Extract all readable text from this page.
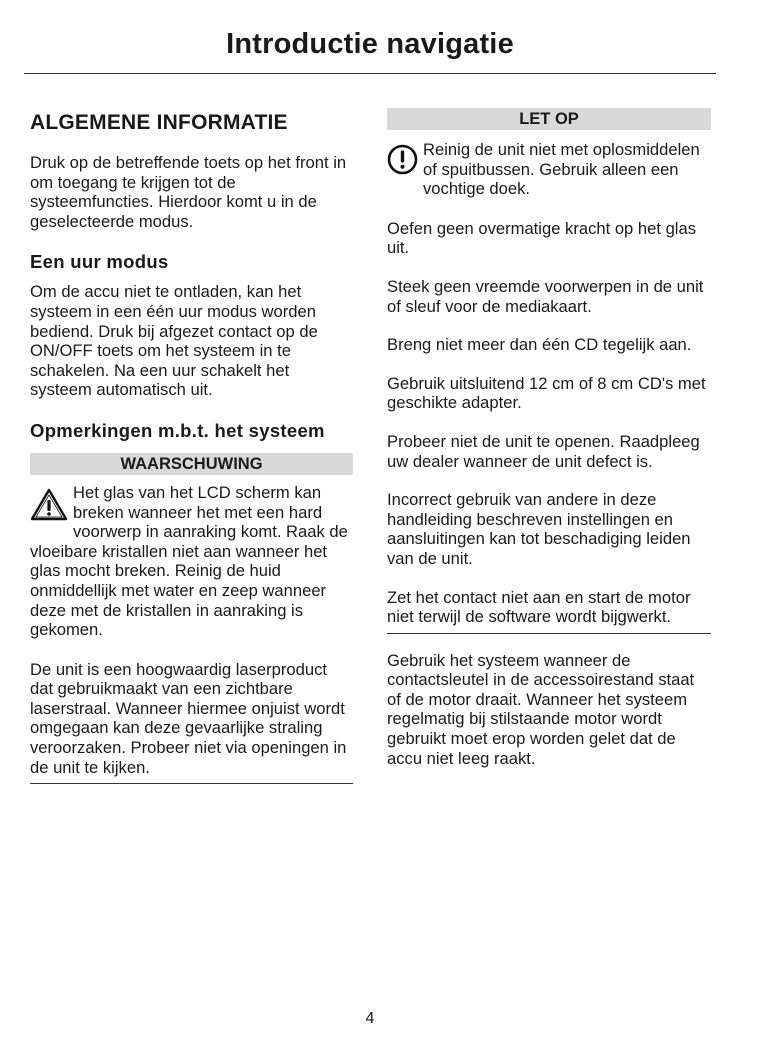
Introductie navigatie
ALGEMENE INFORMATIE

Druk op de betreffende toets op het front in om toegang te krijgen tot de systeemfuncties. Hierdoor komt u in de geselecteerde modus.

Een uur modus

Om de accu niet te ontladen, kan het systeem in een één uur modus worden bediend. Druk bij afgezet contact op de ON/OFF toets om het systeem in te schakelen. Na een uur schakelt het systeem automatisch uit.

Opmerkingen m.b.t. het systeem
WAARSCHUWING

Het glas van het LCD scherm kan breken wanneer het met een hard voorwerp in aanraking komt. Raak de vloeibare kristallen niet aan wanneer het glas mocht breken. Reinig de huid onmiddellijk met water en zeep wanneer deze met de kristallen in aanraking is gekomen.

De unit is een hoogwaardig laserproduct dat gebruikmaakt van een zichtbare laserstraal. Wanneer hiermee onjuist wordt omgegaan kan deze gevaarlijke straling veroorzaken. Probeer niet via openingen in de unit te kijken.

LET OP

Reinig de unit niet met oplosmiddelen of spuitbussen. Gebruik alleen een vochtige doek.

Oefen geen overmatige kracht op het glas uit.

Steek geen vreemde voorwerpen in de unit of sleuf voor de mediakaart.

Breng niet meer dan één CD tegelijk aan.

Gebruik uitsluitend 12 cm of 8 cm CD's met geschikte adapter.

Probeer niet de unit te openen. Raadpleeg uw dealer wanneer de unit defect is.

Incorrect gebruik van andere in deze handleiding beschreven instellingen en aansluitingen kan tot beschadiging leiden van de unit.

Zet het contact niet aan en start de motor niet terwijl de software wordt bijgwerkt.

Gebruik het systeem wanneer de contactsleutel in de accessoirestand staat of de motor draait. Wanneer het systeem regelmatig bij stilstaande motor wordt gebruikt moet erop worden gelet dat de accu niet leeg raakt.

4
